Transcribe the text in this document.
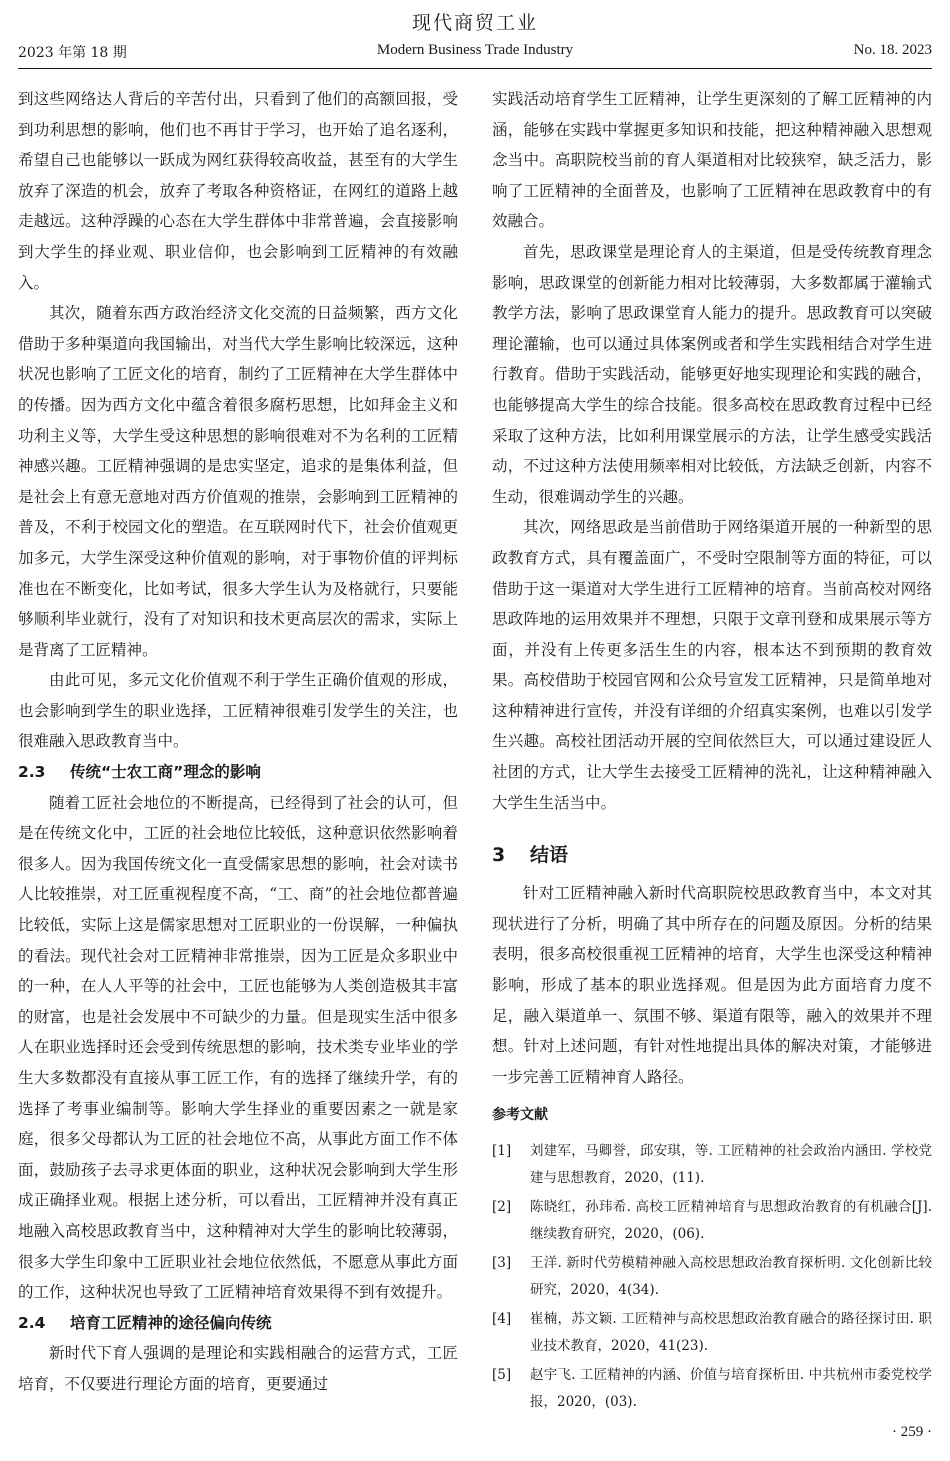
现代商贸工业
2023 年第 18 期	Modern Business Trade Industry	No. 18. 2023

到这些网络达人背后的辛苦付出，只看到了他们的高额回报，受到功利思想的影响，他们也不再甘于学习，也开始了追名逐利，希望自己也能够以一跃成为网红获得较高收益，甚至有的大学生放弃了深造的机会，放弃了考取各种资格证，在网红的道路上越走越远。这种浮躁的心态在大学生群体中非常普遍，会直接影响到大学生的择业观、职业信仰，也会影响到工匠精神的有效融入。

其次，随着东西方政治经济文化交流的日益频繁，西方文化借助于多种渠道向我国输出，对当代大学生影响比较深远，这种状况也影响了工匠文化的培育，制约了工匠精神在大学生群体中的传播。因为西方文化中蕴含着很多腐朽思想，比如拜金主义和功利主义等，大学生受这种思想的影响很难对不为名利的工匠精神感兴趣。工匠精神强调的是忠实坚定，追求的是集体利益，但是社会上有意无意地对西方价值观的推崇，会影响到工匠精神的普及，不利于校园文化的塑造。在互联网时代下，社会价值观更加多元，大学生深受这种价值观的影响，对于事物价值的评判标准也在不断变化，比如考试，很多大学生认为及格就行，只要能够顺利毕业就行，没有了对知识和技术更高层次的需求，实际上是背离了工匠精神。

由此可见，多元文化价值观不利于学生正确价值观的形成，也会影响到学生的职业选择，工匠精神很难引发学生的关注，也很难融入思政教育当中。

2.3 传统“士农工商”理念的影响

随着工匠社会地位的不断提高，已经得到了社会的认可，但是在传统文化中，工匠的社会地位比较低，这种意识依然影响着很多人。因为我国传统文化一直受儒家思想的影响，社会对读书人比较推崇，对工匠重视程度不高，“工、商”的社会地位都普遍比较低，实际上这是儒家思想对工匠职业的一份误解，一种偏执的看法。现代社会对工匠精神非常推崇，因为工匠是众多职业中的一种，在人人平等的社会中，工匠也能够为人类创造极其丰富的财富，也是社会发展中不可缺少的力量。但是现实生活中很多人在职业选择时还会受到传统思想的影响，技术类专业毕业的学生大多数都没有直接从事工匠工作，有的选择了继续升学，有的选择了考事业编制等。影响大学生择业的重要因素之一就是家庭，很多父母都认为工匠的社会地位不高，从事此方面工作不体面，鼓励孩子去寻求更体面的职业，这种状况会影响到大学生形成正确择业观。根据上述分析，可以看出，工匠精神并没有真正地融入高校思政教育当中，这种精神对大学生的影响比较薄弱，很多大学生印象中工匠职业社会地位依然低，不愿意从事此方面的工作，这种状况也导致了工匠精神培育效果得不到有效提升。

2.4 培育工匠精神的途径偏向传统

新时代下育人强调的是理论和实践相融合的运营方式，工匠培育，不仅要进行理论方面的培育，更要通过

实践活动培育学生工匠精神，让学生更深刻的了解工匠精神的内涵，能够在实践中掌握更多知识和技能，把这种精神融入思想观念当中。高职院校当前的育人渠道相对比较狭窄，缺乏活力，影响了工匠精神的全面普及，也影响了工匠精神在思政教育中的有效融合。

首先，思政课堂是理论育人的主渠道，但是受传统教育理念影响，思政课堂的创新能力相对比较薄弱，大多数都属于灌输式教学方法，影响了思政课堂育人能力的提升。思政教育可以突破理论灌输，也可以通过具体案例或者和学生实践相结合对学生进行教育。借助于实践活动，能够更好地实现理论和实践的融合，也能够提高大学生的综合技能。很多高校在思政教育过程中已经采取了这种方法，比如利用课堂展示的方法，让学生感受实践活动，不过这种方法使用频率相对比较低，方法缺乏创新，内容不生动，很难调动学生的兴趣。

其次，网络思政是当前借助于网络渠道开展的一种新型的思政教育方式，具有覆盖面广，不受时空限制等方面的特征，可以借助于这一渠道对大学生进行工匠精神的培育。当前高校对网络思政阵地的运用效果并不理想，只限于文章刊登和成果展示等方面，并没有上传更多活生生的内容，根本达不到预期的教育效果。高校借助于校园官网和公众号宣发工匠精神，只是简单地对这种精神进行宣传，并没有详细的介绍真实案例，也难以引发学生兴趣。高校社团活动开展的空间依然巨大，可以通过建设匠人社团的方式，让大学生去接受工匠精神的洗礼，让这种精神融入大学生生活当中。

3 结语

针对工匠精神融入新时代高职院校思政教育当中，本文对其现状进行了分析，明确了其中所存在的问题及原因。分析的结果表明，很多高校很重视工匠精神的培育，大学生也深受这种精神影响，形成了基本的职业选择观。但是因为此方面培育力度不足，融入渠道单一、氛围不够、渠道有限等，融入的效果并不理想。针对上述问题，有针对性地提出具体的解决对策，才能够进一步完善工匠精神育人路径。

参考文献
[1]	刘建军，马卿誉，邱安琪，等. 工匠精神的社会政治内涵田. 学校党建与思想教育，2020，(11).
[2]	陈晓红，孙玮希. 高校工匠精神培育与思想政治教育的有机融合[J]. 继续教育研究，2020，(06).
[3]	王洋. 新时代劳模精神融入高校思想政治教育探析明. 文化创新比较研究，2020，4(34).
[4]	崔楠，苏文颖. 工匠精神与高校思想政治教育融合的路径探讨田. 职业技术教育，2020，41(23).
[5]	赵宇飞. 工匠精神的内涵、价值与培育探析田. 中共杭州市委党校学报，2020，(03).
· 259 ·
